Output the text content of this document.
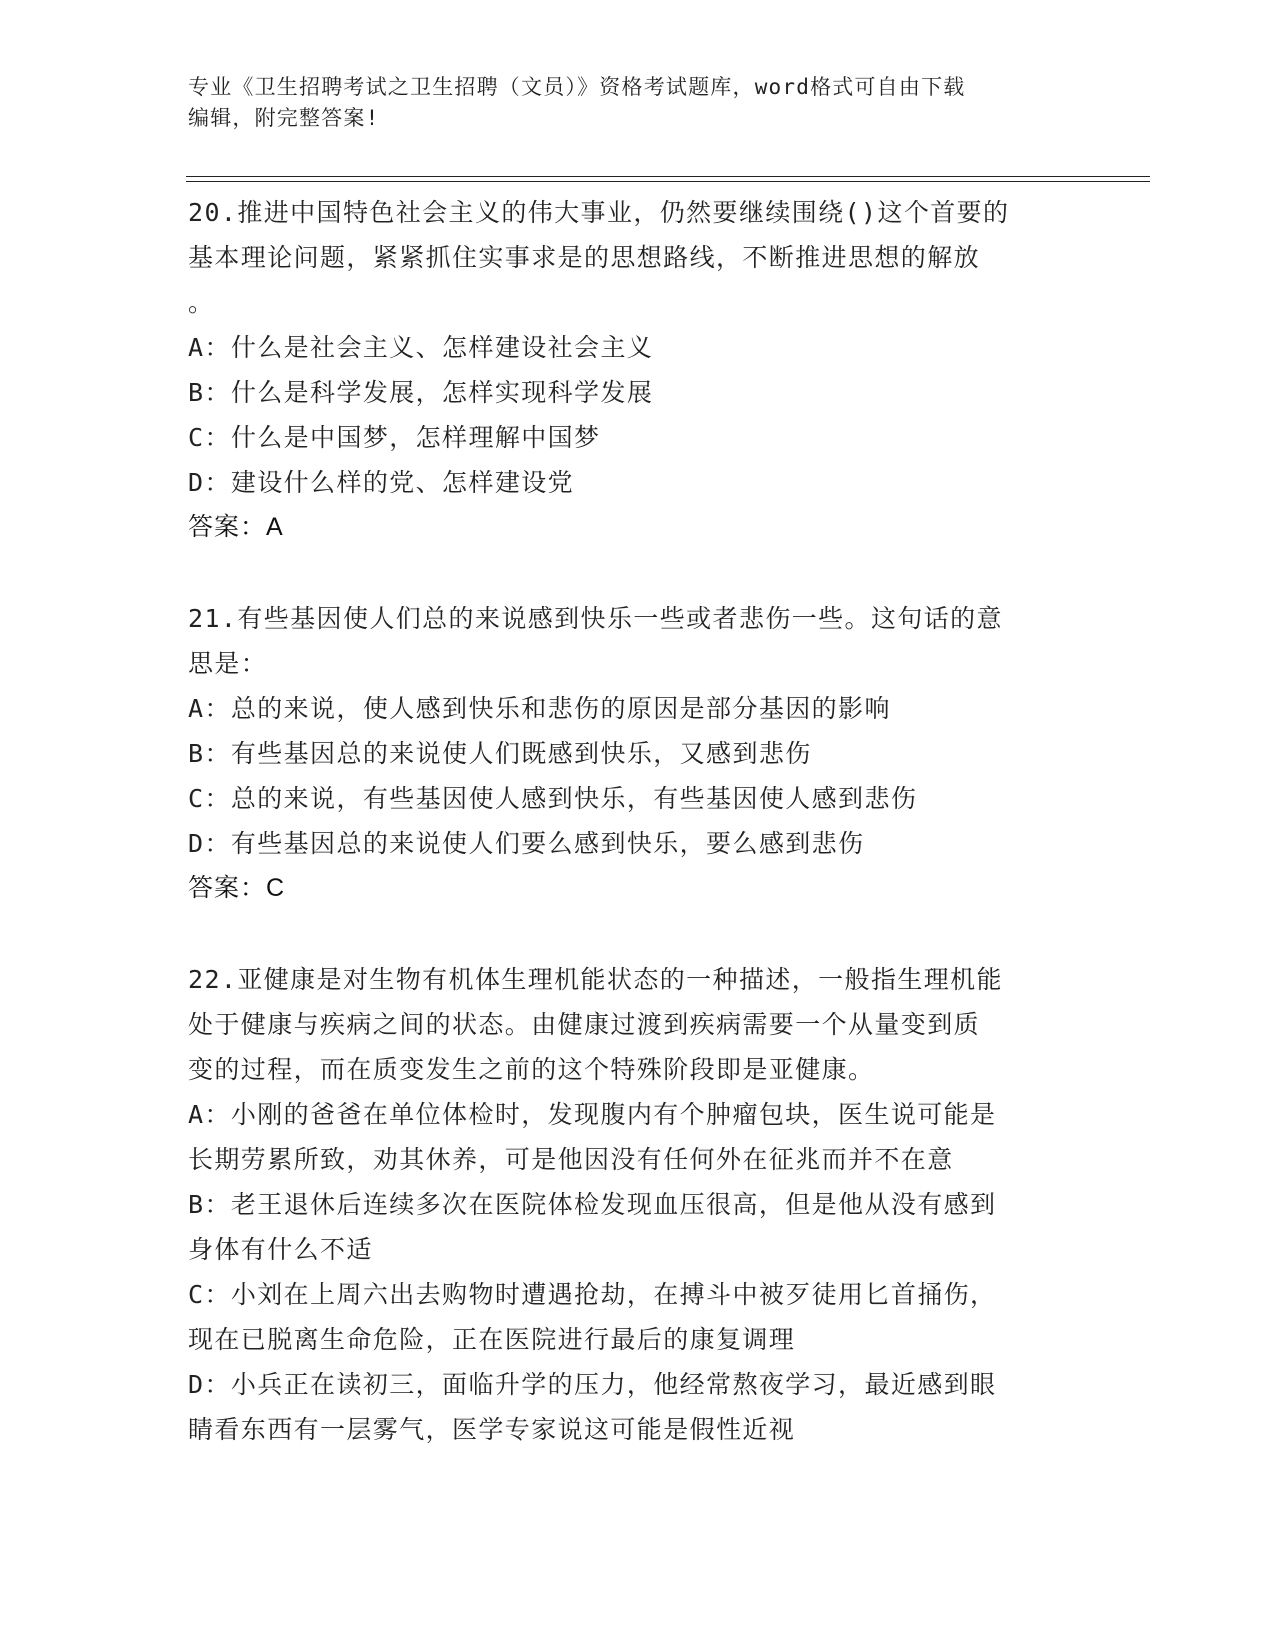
专业《卫生招聘考试之卫生招聘（文员）》资格考试题库，word格式可自由下载
编辑，附完整答案!
20.推进中国特色社会主义的伟大事业，仍然要继续围绕()这个首要的
基本理论问题，紧紧抓住实事求是的思想路线，不断推进思想的解放
。
A：什么是社会主义、怎样建设社会主义
B：什么是科学发展，怎样实现科学发展
C：什么是中国梦，怎样理解中国梦
D：建设什么样的党、怎样建设党
答案：A
21.有些基因使人们总的来说感到快乐一些或者悲伤一些。这句话的意
思是：
A：总的来说，使人感到快乐和悲伤的原因是部分基因的影响
B：有些基因总的来说使人们既感到快乐，又感到悲伤
C：总的来说，有些基因使人感到快乐，有些基因使人感到悲伤
D：有些基因总的来说使人们要么感到快乐，要么感到悲伤
答案：C
22.亚健康是对生物有机体生理机能状态的一种描述，一般指生理机能
处于健康与疾病之间的状态。由健康过渡到疾病需要一个从量变到质
变的过程，而在质变发生之前的这个特殊阶段即是亚健康。
A：小刚的爸爸在单位体检时，发现腹内有个肿瘤包块，医生说可能是
长期劳累所致，劝其休养，可是他因没有任何外在征兆而并不在意
B：老王退休后连续多次在医院体检发现血压很高，但是他从没有感到
身体有什么不适
C：小刘在上周六出去购物时遭遇抢劫，在搏斗中被歹徒用匕首捅伤，
现在已脱离生命危险，正在医院进行最后的康复调理
D：小兵正在读初三，面临升学的压力，他经常熬夜学习，最近感到眼
睛看东西有一层雾气，医学专家说这可能是假性近视
